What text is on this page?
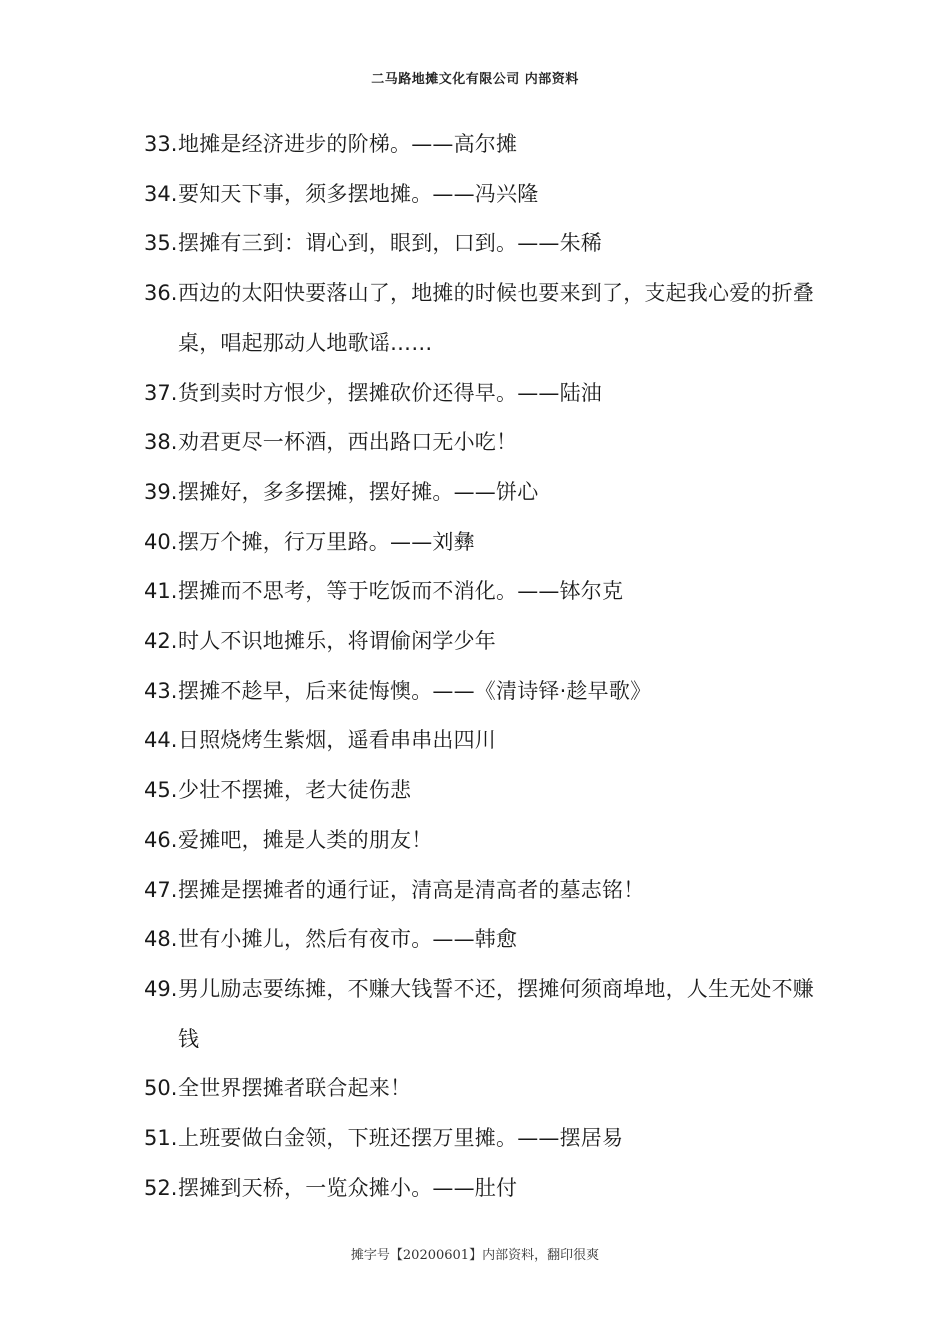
二马路地摊文化有限公司 内部资料
33. 地摊是经济进步的阶梯。——高尔摊
34. 要知天下事，须多摆地摊。——冯兴隆
35. 摆摊有三到：谓心到，眼到，口到。——朱稀
36. 西边的太阳快要落山了，地摊的时候也要来到了，支起我心爱的折叠桌，唱起那动人地歌谣……
37. 货到卖时方恨少，摆摊砍价还得早。——陆油
38. 劝君更尽一杯酒，西出路口无小吃！
39. 摆摊好，多多摆摊，摆好摊。——饼心
40. 摆万个摊，行万里路。——刘彝
41. 摆摊而不思考，等于吃饭而不消化。——钵尔克
42. 时人不识地摊乐，将谓偷闲学少年
43. 摆摊不趁早，后来徒悔懊。——《清诗铎·趁早歌》
44. 日照烧烤生紫烟，遥看串串出四川
45. 少壮不摆摊，老大徒伤悲
46. 爱摊吧，摊是人类的朋友！
47. 摆摊是摆摊者的通行证，清高是清高者的墓志铭！
48. 世有小摊儿，然后有夜市。——韩愈
49. 男儿励志要练摊，不赚大钱誓不还，摆摊何须商埠地，人生无处不赚钱
50. 全世界摆摊者联合起来！
51. 上班要做白金领，下班还摆万里摊。——摆居易
52. 摆摊到天桥，一览众摊小。——肚付
摊字号【20200601】内部资料，翻印很爽
